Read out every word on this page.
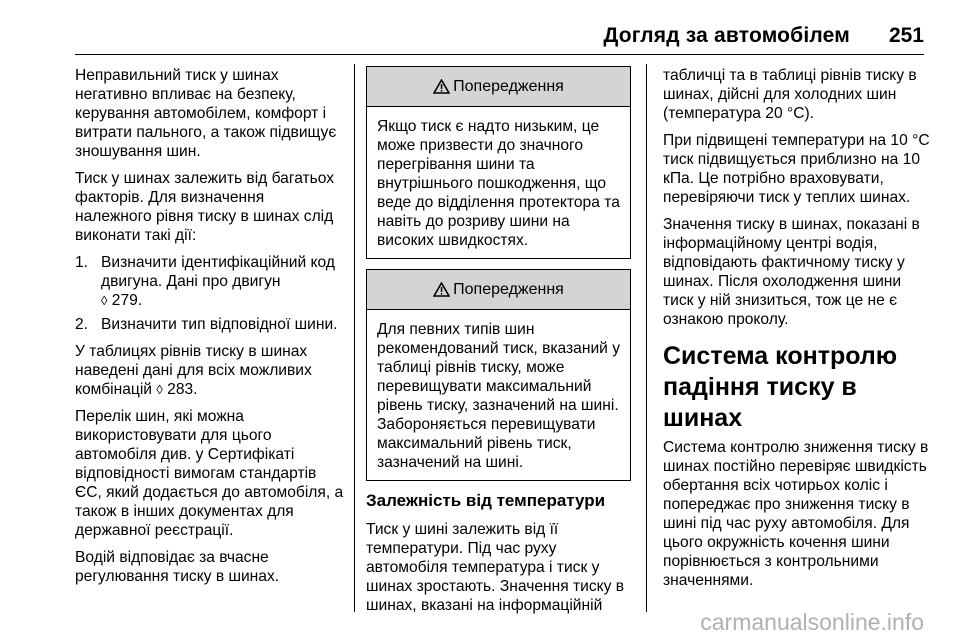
Догляд за автомобілем 251

Неправильний тиск у шинах негативно впливає на безпеку, керування автомобілем, комфорт і витрати пального, а також підвищує зношування шин.

Тиск у шинах залежить від багатьох факторів. Для визначення належного рівня тиску в шинах слід виконати такі дії:

1. Визначити ідентифікаційний код двигуна. Дані про двигун
◊ 279.
2. Визначити тип відповідної шини.

У таблицях рівнів тиску в шинах наведені дані для всіх можливих комбінацій ◊ 283.

Перелік шин, які можна використовувати для цього автомобіля див. у Сертифікаті відповідності вимогам стандартів ЄС, який додається до автомобіля, а також в інших документах для державної реєстрації.

Водій відповідає за вчасне регулювання тиску в шинах.

Попередження
Якщо тиск є надто низьким, це може призвести до значного перегрівання шини та внутрішнього пошкодження, що веде до відділення протектора та навіть до розриву шини на високих швидкостях.
Попередження
Для певних типів шин рекомендований тиск, вказаний у таблиці рівнів тиску, може перевищувати максимальний рівень тиску, зазначений на шині. Забороняється перевищувати максимальний рівень тиск, зазначений на шині.
Залежність від температури

Тиск у шині залежить від її температури. Під час руху автомобіля температура і тиск у шинах зростають. Значення тиску в шинах, вказані на інформаційній

табличці та в таблиці рівнів тиску в шинах, дійсні для холодних шин (температура 20 °C).

При підвищені температури на 10 °C тиск підвищується приблизно на 10 кПа. Це потрібно враховувати, перевіряючи тиск у теплих шинах.

Значення тиску в шинах, показані в інформаційному центрі водія, відповідають фактичному тиску у шинах. Після охолодження шини тиск у ній знизиться, тож це не є ознакою проколу.

Система контролю падіння тиску в шинах

Система контролю зниження тиску в шинах постійно перевіряє швидкість обертання всіх чотирьох коліс і попереджає про зниження тиску в шині під час руху автомобіля. Для цього окружність кочення шини порівнюється з контрольними значеннями.

carmanualsonline.info
